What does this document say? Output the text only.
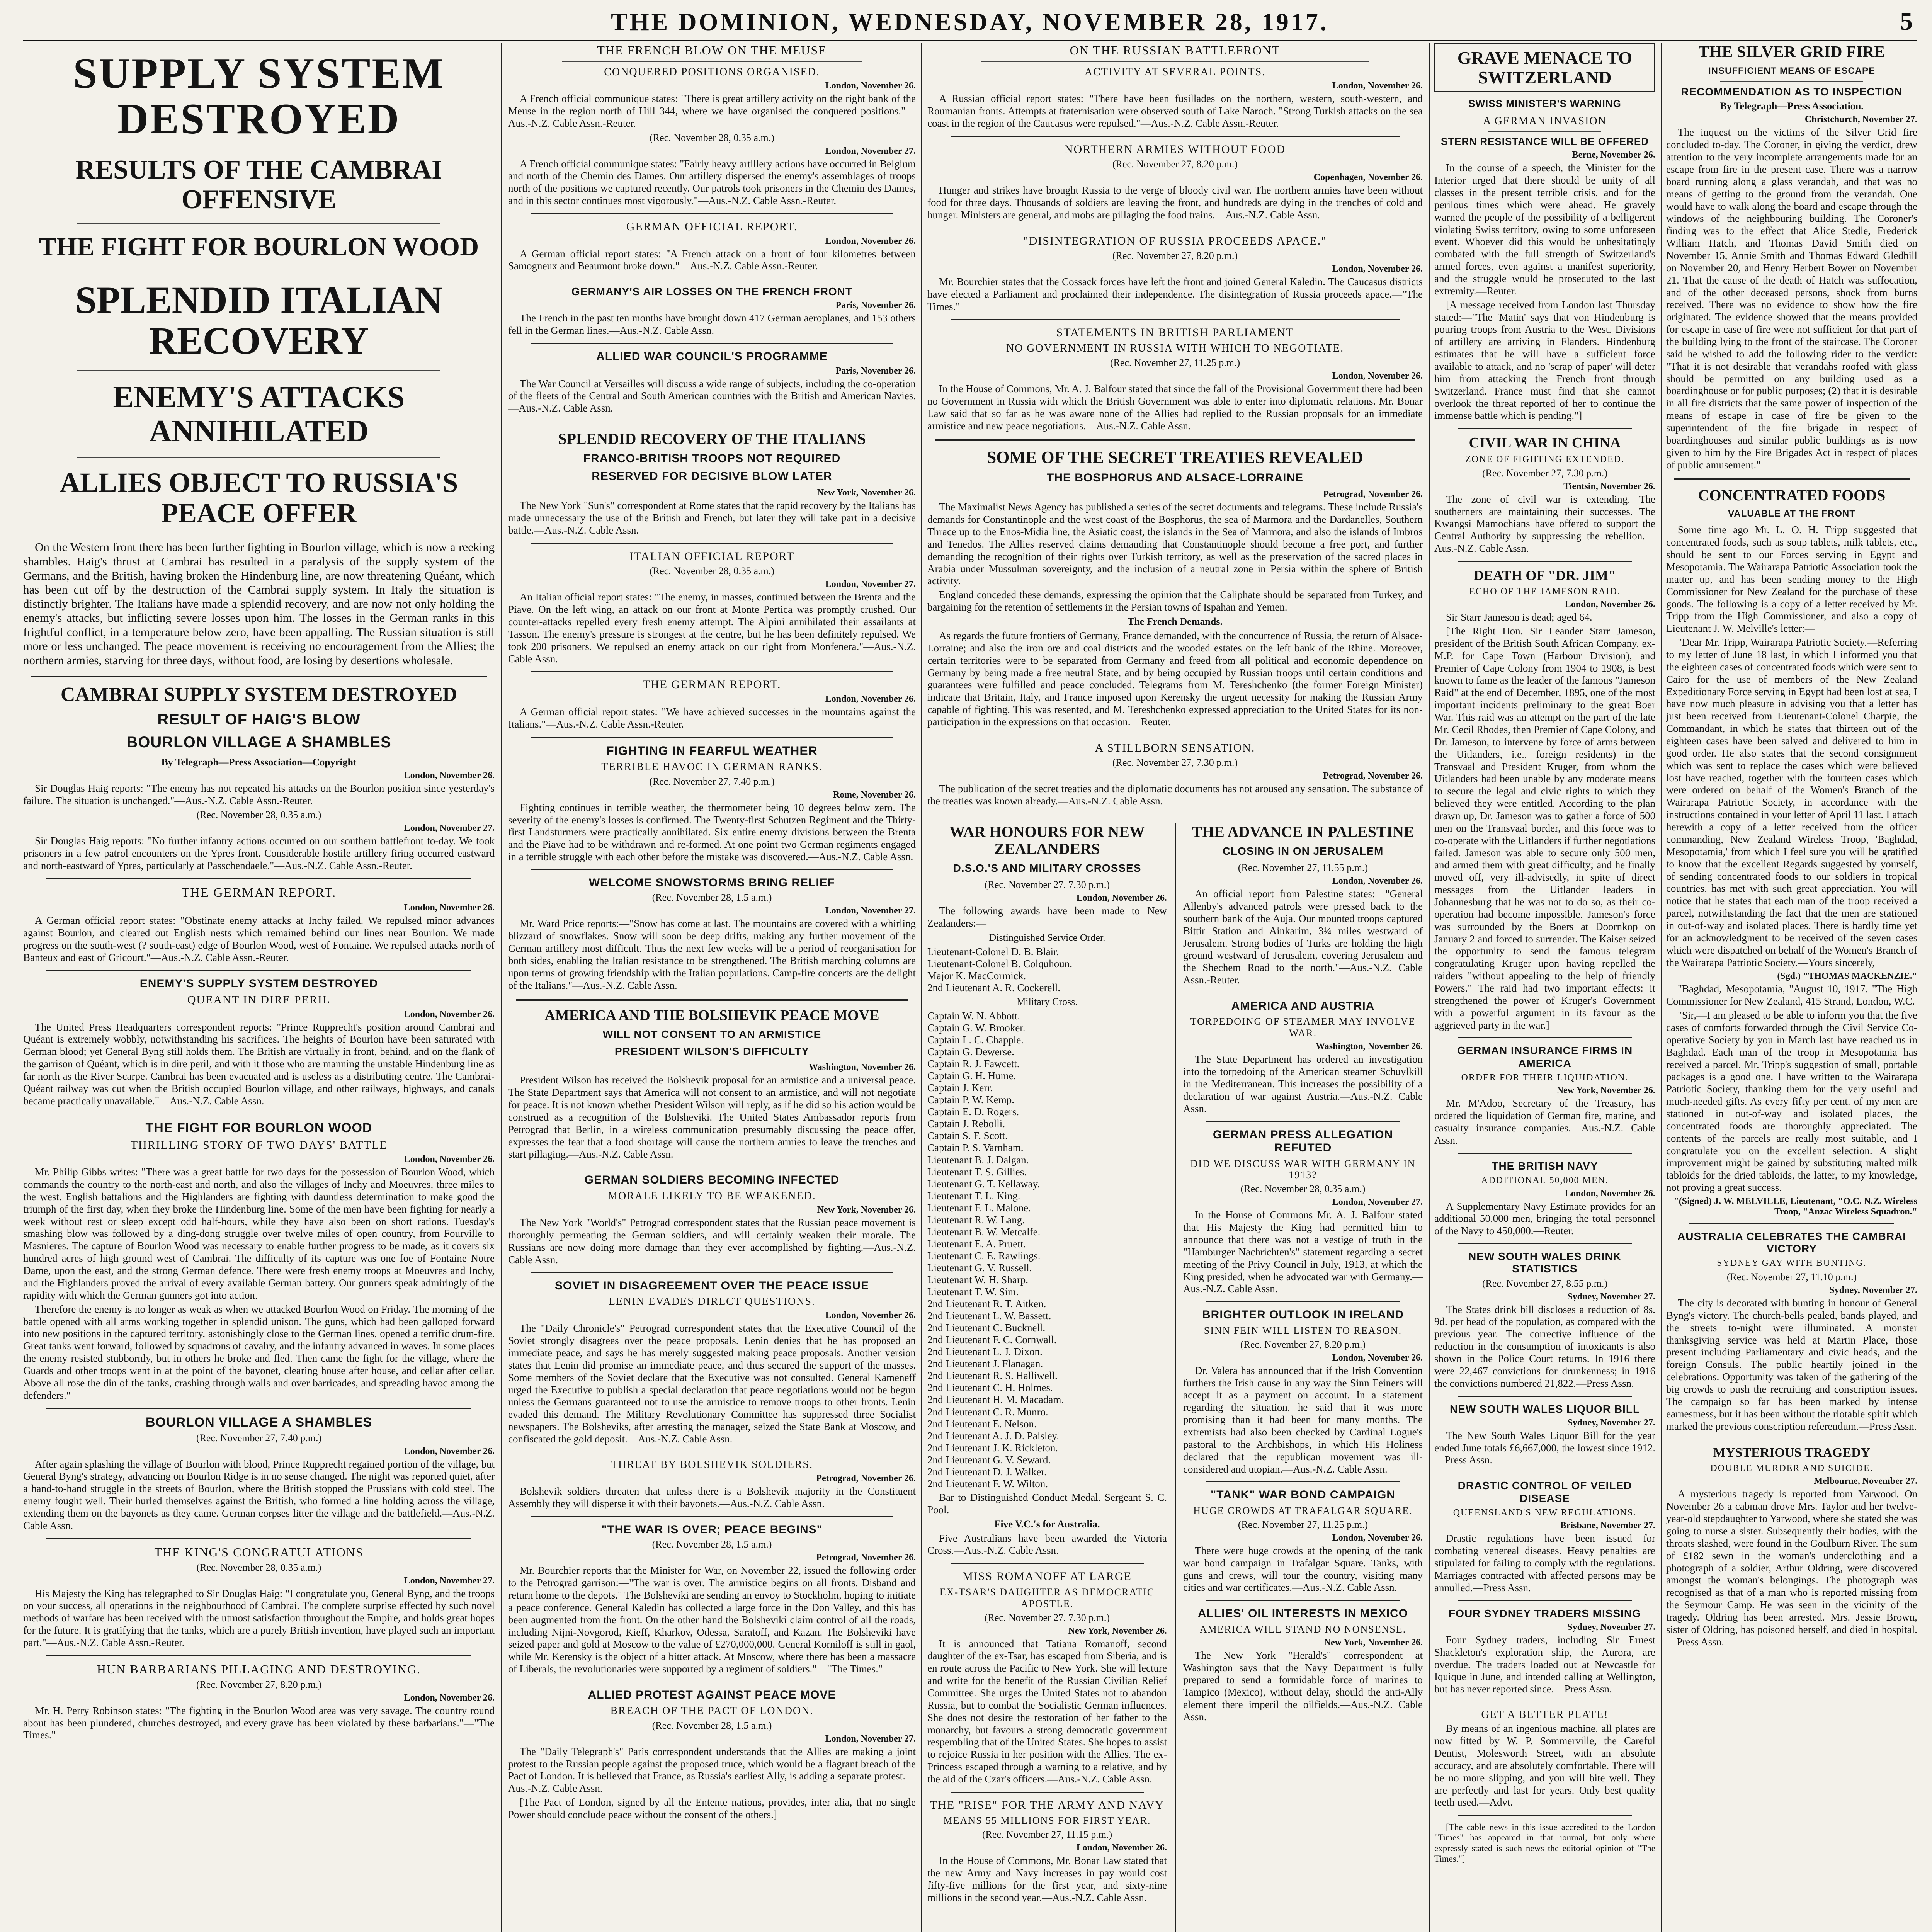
THE DOMINION, WEDNESDAY, NOVEMBER 28, 1917.	5
SUPPLY SYSTEM DESTROYED
RESULTS OF THE CAMBRAI OFFENSIVE
THE FIGHT FOR BOURLON WOOD
SPLENDID ITALIAN RECOVERY
ENEMY'S ATTACKS ANNIHILATED
ALLIES OBJECT TO RUSSIA'S PEACE OFFER

On the Western front there has been further fighting in Bourlon village, which is now a reeking shambles. Haig's thrust at Cambrai has resulted in a paralysis of the supply system of the Germans, and the British, having broken the Hindenburg line, are now threatening Quéant, which has been cut off by the destruction of the Cambrai supply system. In Italy the situation is distinctly brighter. The Italians have made a splendid recovery, and are now not only holding the enemy's attacks, but inflicting severe losses upon him. The losses in the German ranks in this frightful conflict, in a temperature below zero, have been appalling. The Russian situation is still more or less unchanged. The peace movement is receiving no encouragement from the Allies; the northern armies, starving for three days, without food, are losing by desertions wholesale.

CAMBRAI SUPPLY SYSTEM DESTROYED
RESULT OF HAIG'S BLOW
BOURLON VILLAGE A SHAMBLES
By Telegraph—Press Association—Copyright
London, November 26.

Sir Douglas Haig reports: "The enemy has not repeated his attacks on the Bourlon position since yesterday's failure. The situation is unchanged."—Aus.-N.Z. Cable Assn.-Reuter.

(Rec. November 28, 0.35 a.m.)
London, November 27.

Sir Douglas Haig reports: "No further infantry actions occurred on our southern battlefront to-day. We took prisoners in a few patrol encounters on the Ypres front. Considerable hostile artillery firing occurred eastward and north-eastward of Ypres, particularly at Passchendaele."—Aus.-N.Z. Cable Assn.-Reuter.

THE GERMAN REPORT.
London, November 26.

A German official report states: "Obstinate enemy attacks at Inchy failed. We repulsed minor advances against Bourlon, and cleared out English nests which remained behind our lines near Bourlon. We made progress on the south-west (? south-east) edge of Bourlon Wood, west of Fontaine. We repulsed attacks north of Banteux and east of Gricourt."—Aus.-N.Z. Cable Assn.-Reuter.

ENEMY'S SUPPLY SYSTEM DESTROYED
QUEANT IN DIRE PERIL
London, November 26.

The United Press Headquarters correspondent reports: "Prince Rupprecht's position around Cambrai and Quéant is extremely wobbly, notwithstanding his sacrifices. The heights of Bourlon have been saturated with German blood; yet General Byng still holds them. The British are virtually in front, behind, and on the flank of the garrison of Quéant, which is in dire peril, and with it those who are manning the unstable Hindenburg line as far north as the River Scarpe. Cambrai has been evacuated and is useless as a distributing centre. The Cambrai-Quéant railway was cut when the British occupied Bourlon village, and other railways, highways, and canals became practically unavailable."—Aus.-N.Z. Cable Assn.

THE FIGHT FOR BOURLON WOOD
THRILLING STORY OF TWO DAYS' BATTLE
London, November 26.

Mr. Philip Gibbs writes: "There was a great battle for two days for the possession of Bourlon Wood, which commands the country to the north-east and north, and also the villages of Inchy and Moeuvres, three miles to the west. English battalions and the Highlanders are fighting with dauntless determination to make good the triumph of the first day, when they broke the Hindenburg line. Some of the men have been fighting for nearly a week without rest or sleep except odd half-hours, while they have also been on short rations. Tuesday's smashing blow was followed by a ding-dong struggle over twelve miles of open country, from Fourville to Masnieres. The capture of Bourlon Wood was necessary to enable further progress to be made, as it covers six hundred acres of high ground west of Cambrai. The difficulty of its capture was one foe of Fontaine Notre Dame, upon the east, and the strong German defence. There were fresh enemy troops at Moeuvres and Inchy, and the Highlanders proved the arrival of every available German battery. Our gunners speak admiringly of the rapidity with which the German gunners got into action.

Therefore the enemy is no longer as weak as when we attacked Bourlon Wood on Friday. The morning of the battle opened with all arms working together in splendid unison. The guns, which had been galloped forward into new positions in the captured territory, astonishingly close to the German lines, opened a terrific drum-fire. Great tanks went forward, followed by squadrons of cavalry, and the infantry advanced in waves. In some places the enemy resisted stubbornly, but in others he broke and fled. Then came the fight for the village, where the Guards and other troops went in at the point of the bayonet, clearing house after house, and cellar after cellar. Above all rose the din of the tanks, crashing through walls and over barricades, and spreading havoc among the defenders."

BOURLON VILLAGE A SHAMBLES
(Rec. November 27, 7.40 p.m.)
London, November 26.

After again splashing the village of Bourlon with blood, Prince Rupprecht regained portion of the village, but General Byng's strategy, advancing on Bourlon Ridge is in no sense changed. The night was reported quiet, after a hand-to-hand struggle in the streets of Bourlon, where the British stopped the Prussians with cold steel. The enemy fought well. Their hurled themselves against the British, who formed a line holding across the village, extending them on the bayonets as they came. German corpses litter the village and the battlefield.—Aus.-N.Z. Cable Assn.

THE KING'S CONGRATULATIONS
(Rec. November 28, 0.35 a.m.)
London, November 27.

His Majesty the King has telegraphed to Sir Douglas Haig: "I congratulate you, General Byng, and the troops on your success, all operations in the neighbourhood of Cambrai. The complete surprise effected by such novel methods of warfare has been received with the utmost satisfaction throughout the Empire, and holds great hopes for the future. It is gratifying that the tanks, which are a purely British invention, have played such an important part."—Aus.-N.Z. Cable Assn.-Reuter.

HUN BARBARIANS PILLAGING AND DESTROYING.
(Rec. November 27, 8.20 p.m.)
London, November 26.

Mr. H. Perry Robinson states: "The fighting in the Bourlon Wood area was very savage. The country round about has been plundered, churches destroyed, and every grave has been violated by these barbarians."—"The Times."

THE FRENCH BLOW ON THE MEUSE
CONQUERED POSITIONS ORGANISED.
London, November 26.

A French official communique states: "There is great artillery activity on the right bank of the Meuse in the region north of Hill 344, where we have organised the conquered positions."—Aus.-N.Z. Cable Assn.-Reuter.

(Rec. November 28, 0.35 a.m.)
London, November 27.

A French official communique states: "Fairly heavy artillery actions have occurred in Belgium and north of the Chemin des Dames. Our artillery dispersed the enemy's assemblages of troops north of the positions we captured recently. Our patrols took prisoners in the Chemin des Dames, and in this sector continues most vigorously."—Aus.-N.Z. Cable Assn.-Reuter.

GERMAN OFFICIAL REPORT.
London, November 26.

A German official report states: "A French attack on a front of four kilometres between Samogneux and Beaumont broke down."—Aus.-N.Z. Cable Assn.-Reuter.

GERMANY'S AIR LOSSES ON THE FRENCH FRONT
Paris, November 26.

The French in the past ten months have brought down 417 German aeroplanes, and 153 others fell in the German lines.—Aus.-N.Z. Cable Assn.

ALLIED WAR COUNCIL'S PROGRAMME
Paris, November 26.

The War Council at Versailles will discuss a wide range of subjects, including the co-operation of the fleets of the Central and South American countries with the British and American Navies.—Aus.-N.Z. Cable Assn.

SPLENDID RECOVERY OF THE ITALIANS
FRANCO-BRITISH TROOPS NOT REQUIRED
RESERVED FOR DECISIVE BLOW LATER
New York, November 26.

The New York "Sun's" correspondent at Rome states that the rapid recovery by the Italians has made unnecessary the use of the British and French, but later they will take part in a decisive battle.—Aus.-N.Z. Cable Assn.

ITALIAN OFFICIAL REPORT
(Rec. November 28, 0.35 a.m.)
London, November 27.

An Italian official report states: "The enemy, in masses, continued between the Brenta and the Piave. On the left wing, an attack on our front at Monte Pertica was promptly crushed. Our counter-attacks repelled every fresh enemy attempt. The Alpini annihilated their assailants at Tasson. The enemy's pressure is strongest at the centre, but he has been definitely repulsed. We took 200 prisoners. We repulsed an enemy attack on our right from Monfenera."—Aus.-N.Z. Cable Assn.

THE GERMAN REPORT.
London, November 26.

A German official report states: "We have achieved successes in the mountains against the Italians."—Aus.-N.Z. Cable Assn.-Reuter.

FIGHTING IN FEARFUL WEATHER
TERRIBLE HAVOC IN GERMAN RANKS.
(Rec. November 27, 7.40 p.m.)
Rome, November 26.

Fighting continues in terrible weather, the thermometer being 10 degrees below zero. The severity of the enemy's losses is confirmed. The Twenty-first Schutzen Regiment and the Thirty-first Landsturmers were practically annihilated. Six entire enemy divisions between the Brenta and the Piave had to be withdrawn and re-formed. At one point two German regiments engaged in a terrible struggle with each other before the mistake was discovered.—Aus.-N.Z. Cable Assn.

WELCOME SNOWSTORMS BRING RELIEF
(Rec. November 28, 1.5 a.m.)
London, November 27.

Mr. Ward Price reports:—"Snow has come at last. The mountains are covered with a whirling blizzard of snowflakes. Snow will soon be deep drifts, making any further movement of the German artillery most difficult. Thus the next few weeks will be a period of reorganisation for both sides, enabling the Italian resistance to be strengthened. The British marching columns are upon terms of growing friendship with the Italian populations. Camp-fire concerts are the delight of the Italians."—Aus.-N.Z. Cable Assn.

AMERICA AND THE BOLSHEVIK PEACE MOVE
WILL NOT CONSENT TO AN ARMISTICE
PRESIDENT WILSON'S DIFFICULTY
Washington, November 26.

President Wilson has received the Bolshevik proposal for an armistice and a universal peace. The State Department says that America will not consent to an armistice, and will not negotiate for peace. It is not known whether President Wilson will reply, as if he did so his action would be construed as a recognition of the Bolsheviki. The United States Ambassador reports from Petrograd that Berlin, in a wireless communication presumably discussing the peace offer, expresses the fear that a food shortage will cause the northern armies to leave the trenches and start pillaging.—Aus.-N.Z. Cable Assn.

GERMAN SOLDIERS BECOMING INFECTED
MORALE LIKELY TO BE WEAKENED.
New York, November 26.

The New York "World's" Petrograd correspondent states that the Russian peace movement is thoroughly permeating the German soldiers, and will certainly weaken their morale. The Russians are now doing more damage than they ever accomplished by fighting.—Aus.-N.Z. Cable Assn.

SOVIET IN DISAGREEMENT OVER THE PEACE ISSUE
LENIN EVADES DIRECT QUESTIONS.
London, November 26.

The "Daily Chronicle's" Petrograd correspondent states that the Executive Council of the Soviet strongly disagrees over the peace proposals. Lenin denies that he has proposed an immediate peace, and says he has merely suggested making peace proposals. Another version states that Lenin did promise an immediate peace, and thus secured the support of the masses. Some members of the Soviet declare that the Executive was not consulted. General Kameneff urged the Executive to publish a special declaration that peace negotiations would not be begun unless the Germans guaranteed not to use the armistice to remove troops to other fronts. Lenin evaded this demand. The Military Revolutionary Committee has suppressed three Socialist newspapers. The Bolsheviks, after arresting the manager, seized the State Bank at Moscow, and confiscated the gold deposit.—Aus.-N.Z. Cable Assn.

THREAT BY BOLSHEVIK SOLDIERS.
Petrograd, November 26.

Bolshevik soldiers threaten that unless there is a Bolshevik majority in the Constituent Assembly they will disperse it with their bayonets.—Aus.-N.Z. Cable Assn.

"THE WAR IS OVER; PEACE BEGINS"
(Rec. November 28, 1.5 a.m.)
Petrograd, November 26.

Mr. Bourchier reports that the Minister for War, on November 22, issued the following order to the Petrograd garrison:—"The war is over. The armistice begins on all fronts. Disband and return home to the depots." The Bolsheviki are sending an envoy to Stockholm, hoping to initiate a peace conference. General Kaledin has collected a large force in the Don Valley, and this has been augmented from the front. On the other hand the Bolsheviki claim control of all the roads, including Nijni-Novgorod, Kieff, Kharkov, Odessa, Saratoff, and Kazan. The Bolsheviki have seized paper and gold at Moscow to the value of £270,000,000. General Korniloff is still in gaol, while Mr. Kerensky is the object of a bitter attack. At Moscow, where there has been a massacre of Liberals, the revolutionaries were supported by a regiment of soldiers."—"The Times."

ALLIED PROTEST AGAINST PEACE MOVE
BREACH OF THE PACT OF LONDON.
(Rec. November 28, 1.5 a.m.)
London, November 27.

The "Daily Telegraph's" Paris correspondent understands that the Allies are making a joint protest to the Russian people against the proposed truce, which would be a flagrant breach of the Pact of London. It is believed that France, as Russia's earliest Ally, is adding a separate protest.—Aus.-N.Z. Cable Assn.

[The Pact of London, signed by all the Entente nations, provides, inter alia, that no single Power should conclude peace without the consent of the others.]

ON THE RUSSIAN BATTLEFRONT
ACTIVITY AT SEVERAL POINTS.
London, November 26.

A Russian official report states: "There have been fusillades on the northern, western, south-western, and Roumanian fronts. Attempts at fraternisation were observed south of Lake Naroch. "Strong Turkish attacks on the sea coast in the region of the Caucasus were repulsed."—Aus.-N.Z. Cable Assn.-Reuter.

NORTHERN ARMIES WITHOUT FOOD
(Rec. November 27, 8.20 p.m.)
Copenhagen, November 26.

Hunger and strikes have brought Russia to the verge of bloody civil war. The northern armies have been without food for three days. Thousands of soldiers are leaving the front, and hundreds are dying in the trenches of cold and hunger. Ministers are general, and mobs are pillaging the food trains.—Aus.-N.Z. Cable Assn.

"DISINTEGRATION OF RUSSIA PROCEEDS APACE."
(Rec. November 27, 8.20 p.m.)
London, November 26.

Mr. Bourchier states that the Cossack forces have left the front and joined General Kaledin. The Caucasus districts have elected a Parliament and proclaimed their independence. The disintegration of Russia proceeds apace.—"The Times."

STATEMENTS IN BRITISH PARLIAMENT
NO GOVERNMENT IN RUSSIA WITH WHICH TO NEGOTIATE.
(Rec. November 27, 11.25 p.m.)
London, November 26.

In the House of Commons, Mr. A. J. Balfour stated that since the fall of the Provisional Government there had been no Government in Russia with which the British Government was able to enter into diplomatic relations. Mr. Bonar Law said that so far as he was aware none of the Allies had replied to the Russian proposals for an immediate armistice and new peace negotiations.—Aus.-N.Z. Cable Assn.

SOME OF THE SECRET TREATIES REVEALED
THE BOSPHORUS AND ALSACE-LORRAINE
Petrograd, November 26.

The Maximalist News Agency has published a series of the secret documents and telegrams. These include Russia's demands for Constantinople and the west coast of the Bosphorus, the sea of Marmora and the Dardanelles, Southern Thrace up to the Enos-Midia line, the Asiatic coast, the islands in the Sea of Marmora, and also the islands of Imbros and Tenedos. The Allies reserved claims demanding that Constantinople should become a free port, and further demanding the recognition of their rights over Turkish territory, as well as the preservation of the sacred places in Arabia under Mussulman sovereignty, and the inclusion of a neutral zone in Persia within the sphere of British activity.

England conceded these demands, expressing the opinion that the Caliphate should be separated from Turkey, and bargaining for the retention of settlements in the Persian towns of Ispahan and Yemen.

The French Demands.

As regards the future frontiers of Germany, France demanded, with the concurrence of Russia, the return of Alsace-Lorraine; and also the iron ore and coal districts and the wooded estates on the left bank of the Rhine. Moreover, certain territories were to be separated from Germany and freed from all political and economic dependence on Germany by being made a free neutral State, and by being occupied by Russian troops until certain conditions and guarantees were fulfilled and peace concluded. Telegrams from M. Tereshchenko (the former Foreign Minister) indicate that Britain, Italy, and France imposed upon Kerensky the urgent necessity for making the Russian Army capable of fighting. This was resented, and M. Tereshchenko expressed appreciation to the United States for its non-participation in the expressions on that occasion.—Reuter.

A STILLBORN SENSATION.
(Rec. November 27, 7.30 p.m.)
Petrograd, November 26.

The publication of the secret treaties and the diplomatic documents has not aroused any sensation. The substance of the treaties was known already.—Aus.-N.Z. Cable Assn.

WAR HONOURS FOR NEW ZEALANDERS
D.S.O.'S AND MILITARY CROSSES
(Rec. November 27, 7.30 p.m.)
London, November 26.

The following awards have been made to New Zealanders:—

Distinguished Service Order.

Lieutenant-Colonel D. B. Blair.

Lieutenant-Colonel B. Colquhoun.

Major K. MacCormick.

2nd Lieutenant A. R. Cockerell.

Military Cross.

Captain W. N. Abbott.

Captain G. W. Brooker.

Captain L. C. Chapple.

Captain G. Dewerse.

Captain R. J. Fawcett.

Captain G. H. Hume.

Captain J. Kerr.

Captain P. W. Kemp.

Captain E. D. Rogers.

Captain J. Rebolli.

Captain S. F. Scott.

Captain P. S. Varnham.

Lieutenant B. J. Dalgan.

Lieutenant T. S. Gillies.

Lieutenant G. T. Kellaway.

Lieutenant T. L. King.

Lieutenant F. L. Malone.

Lieutenant R. W. Lang.

Lieutenant B. W. Metcalfe.

Lieutenant E. A. Pruett.

Lieutenant C. E. Rawlings.

Lieutenant G. V. Russell.

Lieutenant W. H. Sharp.

Lieutenant T. W. Sim.

2nd Lieutenant R. T. Aitken.

2nd Lieutenant L. W. Bassett.

2nd Lieutenant C. Bucknell.

2nd Lieutenant F. C. Cornwall.

2nd Lieutenant L. J. Dixon.

2nd Lieutenant J. Flanagan.

2nd Lieutenant R. S. Halliwell.

2nd Lieutenant C. H. Holmes.

2nd Lieutenant H. M. Macadam.

2nd Lieutenant C. R. Munro.

2nd Lieutenant E. Nelson.

2nd Lieutenant A. J. D. Paisley.

2nd Lieutenant J. K. Rickleton.

2nd Lieutenant G. V. Seward.

2nd Lieutenant D. J. Walker.

2nd Lieutenant F. W. Wilton.

Bar to Distinguished Conduct Medal. Sergeant S. C. Pool.

Five V.C.'s for Australia.

Five Australians have been awarded the Victoria Cross.—Aus.-N.Z. Cable Assn.

MISS ROMANOFF AT LARGE
EX-TSAR'S DAUGHTER AS DEMOCRATIC APOSTLE.
(Rec. November 27, 7.30 p.m.)
New York, November 26.

It is announced that Tatiana Romanoff, second daughter of the ex-Tsar, has escaped from Siberia, and is en route across the Pacific to New York. She will lecture and write for the benefit of the Russian Civilian Relief Committee. She urges the United States not to abandon Russia, but to combat the Socialistic German influences. She does not desire the restoration of her father to the monarchy, but favours a strong democratic government respembling that of the United States. She hopes to assist to rejoice Russia in her position with the Allies. The ex-Princess escaped through a warning to a relative, and by the aid of the Czar's officers.—Aus.-N.Z. Cable Assn.

THE "RISE" FOR THE ARMY AND NAVY
MEANS 55 MILLIONS FOR FIRST YEAR.
(Rec. November 27, 11.15 p.m.)
London, November 26.

In the House of Commons, Mr. Bonar Law stated that the new Army and Navy increases in pay would cost fifty-five millions for the first year, and sixty-nine millions in the second year.—Aus.-N.Z. Cable Assn.

THE ADVANCE IN PALESTINE
CLOSING IN ON JERUSALEM
(Rec. November 27, 11.55 p.m.)
London, November 26.

An official report from Palestine states:—"General Allenby's advanced patrols were pressed back to the southern bank of the Auja. Our mounted troops captured Bittir Station and Ainkarim, 3¼ miles westward of Jerusalem. Strong bodies of Turks are holding the high ground westward of Jerusalem, covering Jerusalem and the Shechem Road to the north."—Aus.-N.Z. Cable Assn.-Reuter.

AMERICA AND AUSTRIA
TORPEDOING OF STEAMER MAY INVOLVE WAR.
Washington, November 26.

The State Department has ordered an investigation into the torpedoing of the American steamer Schuylkill in the Mediterranean. This increases the possibility of a declaration of war against Austria.—Aus.-N.Z. Cable Assn.

GERMAN PRESS ALLEGATION REFUTED
DID WE DISCUSS WAR WITH GERMANY IN 1913?
(Rec. November 28, 0.35 a.m.)
London, November 27.

In the House of Commons Mr. A. J. Balfour stated that His Majesty the King had permitted him to announce that there was not a vestige of truth in the "Hamburger Nachrichten's" statement regarding a secret meeting of the Privy Council in July, 1913, at which the King presided, when he advocated war with Germany.—Aus.-N.Z. Cable Assn.

BRIGHTER OUTLOOK IN IRELAND
SINN FEIN WILL LISTEN TO REASON.
(Rec. November 27, 8.20 p.m.)
London, November 26.

Dr. Valera has announced that if the Irish Convention furthers the Irish cause in any way the Sinn Feiners will accept it as a payment on account. In a statement regarding the situation, he said that it was more promising than it had been for many months. The extremists had also been checked by Cardinal Logue's pastoral to the Archbishops, in which His Holiness declared that the republican movement was ill-considered and utopian.—Aus.-N.Z. Cable Assn.

"TANK" WAR BOND CAMPAIGN
HUGE CROWDS AT TRAFALGAR SQUARE.
(Rec. November 27, 11.25 p.m.)
London, November 26.

There were huge crowds at the opening of the tank war bond campaign in Trafalgar Square. Tanks, with guns and crews, will tour the country, visiting many cities and war certificates.—Aus.-N.Z. Cable Assn.

ALLIES' OIL INTERESTS IN MEXICO
AMERICA WILL STAND NO NONSENSE.
New York, November 26.

The New York "Herald's" correspondent at Washington says that the Navy Department is fully prepared to send a formidable force of marines to Tampico (Mexico), without delay, should the anti-Ally element there imperil the oilfields.—Aus.-N.Z. Cable Assn.

GRAVE MENACE TO SWITZERLAND
SWISS MINISTER'S WARNING
A GERMAN INVASION
STERN RESISTANCE WILL BE OFFERED
Berne, November 26.

In the course of a speech, the Minister for the Interior urged that there should be unity of all classes in the present terrible crisis, and for the perilous times which were ahead. He gravely warned the people of the possibility of a belligerent violating Swiss territory, owing to some unforeseen event. Whoever did this would be unhesitatingly combated with the full strength of Switzerland's armed forces, even against a manifest superiority, and the struggle would be prosecuted to the last extremity.—Reuter.

[A message received from London last Thursday stated:—"The 'Matin' says that von Hindenburg is pouring troops from Austria to the West. Divisions of artillery are arriving in Flanders. Hindenburg estimates that he will have a sufficient force available to attack, and no 'scrap of paper' will deter him from attacking the French front through Switzerland. France must find that she cannot overlook the threat reported of her to continue the immense battle which is pending."]

CIVIL WAR IN CHINA
ZONE OF FIGHTING EXTENDED.
(Rec. November 27, 7.30 p.m.)
Tientsin, November 26.

The zone of civil war is extending. The southerners are maintaining their successes. The Kwangsi Mamochians have offered to support the Central Authority by suppressing the rebellion.—Aus.-N.Z. Cable Assn.

DEATH OF "DR. JIM"
ECHO OF THE JAMESON RAID.
London, November 26.

Sir Starr Jameson is dead; aged 64.

[The Right Hon. Sir Leander Starr Jameson, president of the British South African Company, ex-M.P. for Cape Town (Harbour Division), and Premier of Cape Colony from 1904 to 1908, is best known to fame as the leader of the famous "Jameson Raid" at the end of December, 1895, one of the most important incidents preliminary to the great Boer War. This raid was an attempt on the part of the late Mr. Cecil Rhodes, then Premier of Cape Colony, and Dr. Jameson, to intervene by force of arms between the Uitlanders, i.e., foreign residents) in the Transvaal and President Kruger, from whom the Uitlanders had been unable by any moderate means to secure the legal and civic rights to which they believed they were entitled. According to the plan drawn up, Dr. Jameson was to gather a force of 500 men on the Transvaal border, and this force was to co-operate with the Uitlanders if further negotiations failed. Jameson was able to secure only 500 men, and armed them with great difficulty; and he finally moved off, very ill-advisedly, in spite of direct messages from the Uitlander leaders in Johannesburg that he was not to do so, as their co-operation had become impossible. Jameson's force was surrounded by the Boers at Doornkop on January 2 and forced to surrender. The Kaiser seized the opportunity to send the famous telegram congratulating Kruger upon having repelled the raiders "without appealing to the help of friendly Powers." The raid had two important effects: it strengthened the power of Kruger's Government with a powerful argument in its favour as the aggrieved party in the war.]

GERMAN INSURANCE FIRMS IN AMERICA
ORDER FOR THEIR LIQUIDATION.
New York, November 26.

Mr. M'Adoo, Secretary of the Treasury, has ordered the liquidation of German fire, marine, and casualty insurance companies.—Aus.-N.Z. Cable Assn.

THE BRITISH NAVY
ADDITIONAL 50,000 MEN.
London, November 26.

A Supplementary Navy Estimate provides for an additional 50,000 men, bringing the total personnel of the Navy to 450,000.—Reuter.

NEW SOUTH WALES DRINK STATISTICS
(Rec. November 27, 8.55 p.m.)
Sydney, November 27.

The States drink bill discloses a reduction of 8s. 9d. per head of the population, as compared with the previous year. The corrective influence of the reduction in the consumption of intoxicants is also shown in the Police Court returns. In 1916 there were 22,467 convictions for drunkenness; in 1916 the convictions numbered 21,822.—Press Assn.

NEW SOUTH WALES LIQUOR BILL
Sydney, November 27.

The New South Wales Liquor Bill for the year ended June totals £6,667,000, the lowest since 1912.—Press Assn.

DRASTIC CONTROL OF VEILED DISEASE
QUEENSLAND'S NEW REGULATIONS.
Brisbane, November 27.

Drastic regulations have been issued for combating venereal diseases. Heavy penalties are stipulated for failing to comply with the regulations. Marriages contracted with affected persons may be annulled.—Press Assn.

FOUR SYDNEY TRADERS MISSING
Sydney, November 27.

Four Sydney traders, including Sir Ernest Shackleton's exploration ship, the Aurora, are overdue. The traders loaded out at Newcastle for Iquique in June, and intended calling at Wellington, but has never reported since.—Press Assn.

GET A BETTER PLATE!

By means of an ingenious machine, all plates are now fitted by W. P. Sommerville, the Careful Dentist, Molesworth Street, with an absolute accuracy, and are absolutely comfortable. There will be no more slipping, and you will bite well. They are perfectly and last for years. Only best quality teeth used.—Advt.

[The cable news in this issue accredited to the London "Times" has appeared in that journal, but only where expressly stated is such news the editorial opinion of "The Times."]

THE SILVER GRID FIRE
INSUFFICIENT MEANS OF ESCAPE
RECOMMENDATION AS TO INSPECTION
By Telegraph—Press Association.
Christchurch, November 27.

The inquest on the victims of the Silver Grid fire concluded to-day. The Coroner, in giving the verdict, drew attention to the very incomplete arrangements made for an escape from fire in the present case. There was a narrow board running along a glass verandah, and that was no means of getting to the ground from the verandah. One would have to walk along the board and escape through the windows of the neighbouring building. The Coroner's finding was to the effect that Alice Stedle, Frederick William Hatch, and Thomas David Smith died on November 15, Annie Smith and Thomas Edward Gledhill on November 20, and Henry Herbert Bower on November 21. That the cause of the death of Hatch was suffocation, and of the other deceased persons, shock from burns received. There was no evidence to show how the fire originated. The evidence showed that the means provided for escape in case of fire were not sufficient for that part of the building lying to the front of the staircase. The Coroner said he wished to add the following rider to the verdict: "That it is not desirable that verandahs roofed with glass should be permitted on any building used as a boardinghouse or for public purposes; (2) that it is desirable in all fire districts that the same power of inspection of the means of escape in case of fire be given to the superintendent of the fire brigade in respect of boardinghouses and similar public buildings as is now given to him by the Fire Brigades Act in respect of places of public amusement."

CONCENTRATED FOODS
VALUABLE AT THE FRONT

Some time ago Mr. L. O. H. Tripp suggested that concentrated foods, such as soup tablets, milk tablets, etc., should be sent to our Forces serving in Egypt and Mesopotamia. The Wairarapa Patriotic Association took the matter up, and has been sending money to the High Commissioner for New Zealand for the purchase of these goods. The following is a copy of a letter received by Mr. Tripp from the High Commissioner, and also a copy of Lieutenant J. W. Melville's letter:—

"Dear Mr. Tripp, Wairarapa Patriotic Society.—Referring to my letter of June 18 last, in which I informed you that the eighteen cases of concentrated foods which were sent to Cairo for the use of members of the New Zealand Expeditionary Force serving in Egypt had been lost at sea, I have now much pleasure in advising you that a letter has just been received from Lieutenant-Colonel Charpie, the Commandant, in which he states that thirteen out of the eighteen cases have been salved and delivered to him in good order. He also states that the second consignment which was sent to replace the cases which were believed lost have reached, together with the fourteen cases which were ordered on behalf of the Women's Branch of the Wairarapa Patriotic Society, in accordance with the instructions contained in your letter of April 11 last. I attach herewith a copy of a letter received from the officer commanding, New Zealand Wireless Troop, 'Baghdad, Mesopotamia,' from which I feel sure you will be gratified to know that the excellent Regards suggested by yourself, of sending concentrated foods to our soldiers in tropical countries, has met with such great appreciation. You will notice that he states that each man of the troop received a parcel, notwithstanding the fact that the men are stationed in out-of-way and isolated places. There is hardly time yet for an acknowledgment to be received of the seven cases which were dispatched on behalf of the Women's Branch of the Wairarapa Patriotic Society.—Yours sincerely,

(Sgd.) "THOMAS MACKENZIE."

"Baghdad, Mesopotamia, "August 10, 1917. "The High Commissioner for New Zealand, 415 Strand, London, W.C.

"Sir,—I am pleased to be able to inform you that the five cases of comforts forwarded through the Civil Service Co-operative Society by you in March last have reached us in Baghdad. Each man of the troop in Mesopotamia has received a parcel. Mr. Tripp's suggestion of small, portable packages is a good one. I have written to the Wairarapa Patriotic Society, thanking them for the very useful and much-needed gifts. As every fifty per cent. of my men are stationed in out-of-way and isolated places, the concentrated foods are thoroughly appreciated. The contents of the parcels are really most suitable, and I congratulate you on the excellent selection. A slight improvement might be gained by substituting malted milk tabloids for the dried tabloids, the latter, to my knowledge, not proving a great success.

"(Signed) J. W. MELVILLE, Lieutenant, "O.C. N.Z. Wireless Troop, "Anzac Wireless Squadron."
AUSTRALIA CELEBRATES THE CAMBRAI VICTORY
SYDNEY GAY WITH BUNTING.
(Rec. November 27, 11.10 p.m.)
Sydney, November 27.

The city is decorated with bunting in honour of General Byng's victory. The church-bells pealed, bands played, and the streets to-night were illuminated. A monster thanksgiving service was held at Martin Place, those present including Parliamentary and civic heads, and the foreign Consuls. The public heartily joined in the celebrations. Opportunity was taken of the gathering of the big crowds to push the recruiting and conscription issues. The campaign so far has been marked by intense earnestness, but it has been without the riotable spirit which marked the previous conscription referendum.—Press Assn.

MYSTERIOUS TRAGEDY
DOUBLE MURDER AND SUICIDE.
Melbourne, November 27.

A mysterious tragedy is reported from Yarwood. On November 26 a cabman drove Mrs. Taylor and her twelve-year-old stepdaughter to Yarwood, where she stated she was going to nurse a sister. Subsequently their bodies, with the throats slashed, were found in the Goulburn River. The sum of £182 sewn in the woman's underclothing and a photograph of a soldier, Arthur Oldring, were discovered amongst the woman's belongings. The photograph was recognised as that of a man who is reported missing from the Seymour Camp. He was seen in the vicinity of the tragedy. Oldring has been arrested. Mrs. Jessie Brown, sister of Oldring, has poisoned herself, and died in hospital.—Press Assn.
